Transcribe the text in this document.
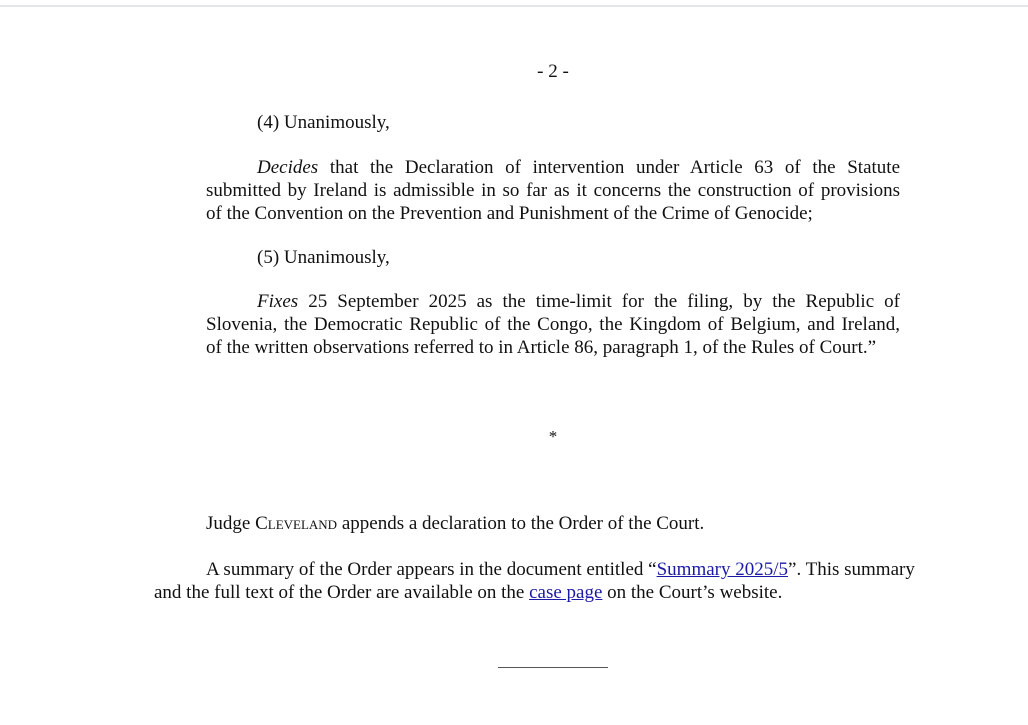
- 2 -
(4) Unanimously,
Decides that the Declaration of intervention under Article 63 of the Statute
submitted by Ireland is admissible in so far as it concerns the construction of provisions
of the Convention on the Prevention and Punishment of the Crime of Genocide;
(5) Unanimously,
Fixes 25 September 2025 as the time-limit for the filing, by the Republic of
Slovenia, the Democratic Republic of the Congo, the Kingdom of Belgium, and Ireland,
of the written observations referred to in Article 86, paragraph 1, of the Rules of Court.”
*
Judge Cleveland appends a declaration to the Order of the Court.
A summary of the Order appears in the document entitled “Summary 2025/5”. This summary
and the full text of the Order are available on the case page on the Court’s website.
